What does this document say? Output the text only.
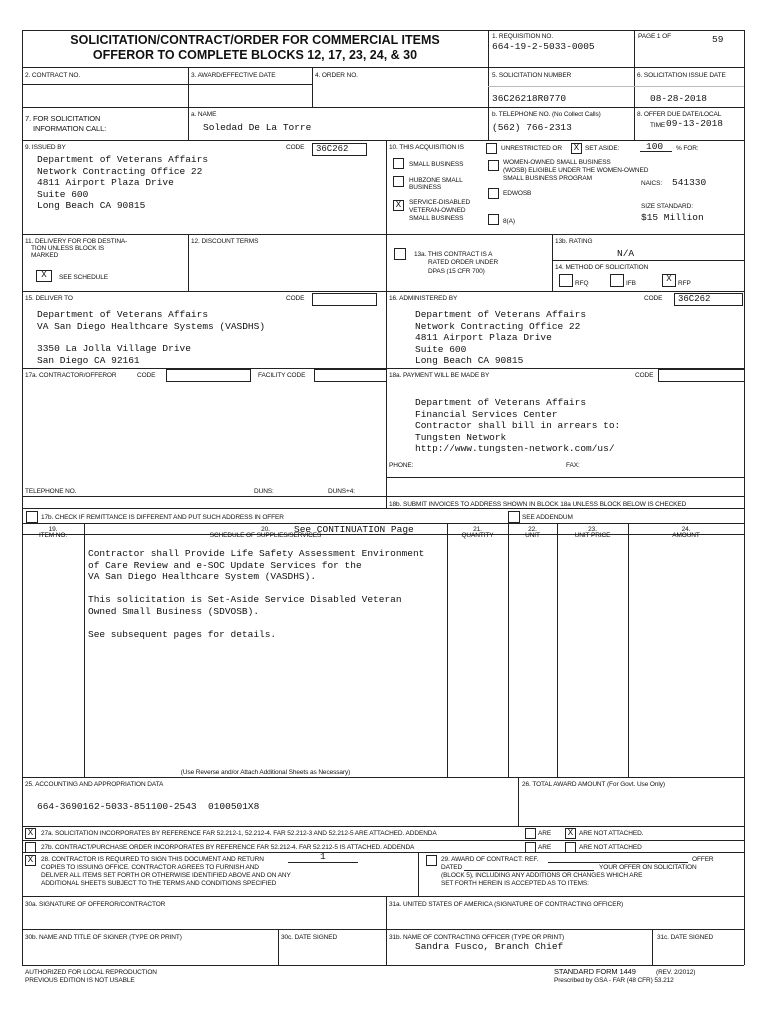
SOLICITATION/CONTRACT/ORDER FOR COMMERCIAL ITEMS
OFFEROR TO COMPLETE BLOCKS 12, 17, 23, 24, & 30
1. REQUISITION NO.
664-19-2-5033-0005
PAGE 1 OF	59
2. CONTRACT NO.	3. AWARD/EFFECTIVE DATE	4. ORDER NO.	5. SOLICITATION NUMBER	6. SOLICITATION ISSUE DATE
36C26218R0770	08-28-2018
7. FOR SOLICITATION
INFORMATION CALL:
a. NAME
Soledad De La Torre
b. TELEPHONE NO. (No Collect Calls)
(562) 766-2313
8. OFFER DUE DATE/LOCAL
TIME 09-13-2018
9. ISSUED BY	CODE	36C262
Department of Veterans Affairs
Network Contracting Office 22
4811 Airport Plaza Drive
Suite 600
Long Beach CA 90815
10. THIS ACQUISITION IS	UNRESTRICTED OR	X SET ASIDE:	100 % FOR:
SMALL BUSINESS
HUBZONE SMALL
BUSINESS
X	SERVICE-DISABLED
VETERAN-OWNED
SMALL BUSINESS
WOMEN-OWNED SMALL BUSINESS
(WOSB) ELIGIBLE UNDER THE WOMEN-OWNED
SMALL BUSINESS PROGRAM
EDWOSB
8(A)
NAICS: 541330
SIZE STANDARD:
$15 Million
11. DELIVERY FOR FOB DESTINA-
TION UNLESS BLOCK IS
MARKED
X	SEE SCHEDULE
12. DISCOUNT TERMS
13a. THIS CONTRACT IS A
RATED ORDER UNDER
DPAS (15 CFR 700)
13b. RATING
N/A
14. METHOD OF SOLICITATION
RFQ	IFB	X RFP
15. DELIVER TO	CODE
Department of Veterans Affairs
VA San Diego Healthcare Systems (VASDHS)
3350 La Jolla Village Drive
San Diego CA 92161
16. ADMINISTERED BY	CODE	36C262
Department of Veterans Affairs
Network Contracting Office 22
4811 Airport Plaza Drive
Suite 600
Long Beach CA 90815
17a. CONTRACTOR/OFFEROR	CODE	FACILITY CODE
TELEPHONE NO.	DUNS:	DUNS+4:
17b. CHECK IF REMITTANCE IS DIFFERENT AND PUT SUCH ADDRESS IN OFFER
18a. PAYMENT WILL BE MADE BY	CODE
Department of Veterans Affairs
Financial Services Center
Contractor shall bill in arrears to:
Tungsten Network
http://www.tungsten-network.com/us/
PHONE:	FAX:
18b. SUBMIT INVOICES TO ADDRESS SHOWN IN BLOCK 18a UNLESS BLOCK BELOW IS CHECKED
SEE ADDENDUM
19.
ITEM NO.
20.
SCHEDULE OF SUPPLIES/SERVICES
See CONTINUATION Page	21.
QUANTITY
22.
UNIT
23.
UNIT PRICE
24.
AMOUNT
Contractor shall Provide Life Safety Assessment Environment
of Care Review and e-SOC Update Services for the
VA San Diego Healthcare System (VASDHS).
This solicitation is Set-Aside Service Disabled Veteran
Owned Small Business (SDVOSB).
See subsequent pages for details.
(Use Reverse and/or Attach Additional Sheets as Necessary)
25. ACCOUNTING AND APPROPRIATION DATA
664-3690162-5033-851100-2543  0100501X8
26. TOTAL AWARD AMOUNT (For Govt. Use Only)
X	27a. SOLICITATION INCORPORATES BY REFERENCE FAR 52.212-1, 52.212-4. FAR 52.212-3 AND 52.212-5 ARE ATTACHED. ADDENDA	ARE	X ARE NOT ATTACHED.
27b. CONTRACT/PURCHASE ORDER INCORPORATES BY REFERENCE FAR 52.212-4. FAR 52.212-5 IS ATTACHED. ADDENDA	ARE	ARE NOT ATTACHED
X	28. CONTRACTOR IS REQUIRED TO SIGN THIS DOCUMENT AND RETURN	1
COPIES TO ISSUING OFFICE. CONTRACTOR AGREES TO FURNISH AND
DELIVER ALL ITEMS SET FORTH OR OTHERWISE IDENTIFIED ABOVE AND ON ANY
ADDITIONAL SHEETS SUBJECT TO THE TERMS AND CONDITIONS SPECIFIED
29. AWARD OF CONTRACT: REF.	OFFER
DATED	YOUR OFFER ON SOLICITATION
(BLOCK 5), INCLUDING ANY ADDITIONS OR CHANGES WHICH ARE
SET FORTH HEREIN IS ACCEPTED AS TO ITEMS:
30a. SIGNATURE OF OFFEROR/CONTRACTOR	31a. UNITED STATES OF AMERICA (SIGNATURE OF CONTRACTING OFFICER)
30b. NAME AND TITLE OF SIGNER (TYPE OR PRINT)	30c. DATE SIGNED	31b. NAME OF CONTRACTING OFFICER (TYPE OR PRINT)
Sandra Fusco, Branch Chief
31c. DATE SIGNED
AUTHORIZED FOR LOCAL REPRODUCTION
PREVIOUS EDITION IS NOT USABLE
STANDARD FORM 1449	(REV. 2/2012)
Prescribed by GSA - FAR (48 CFR) 53.212
